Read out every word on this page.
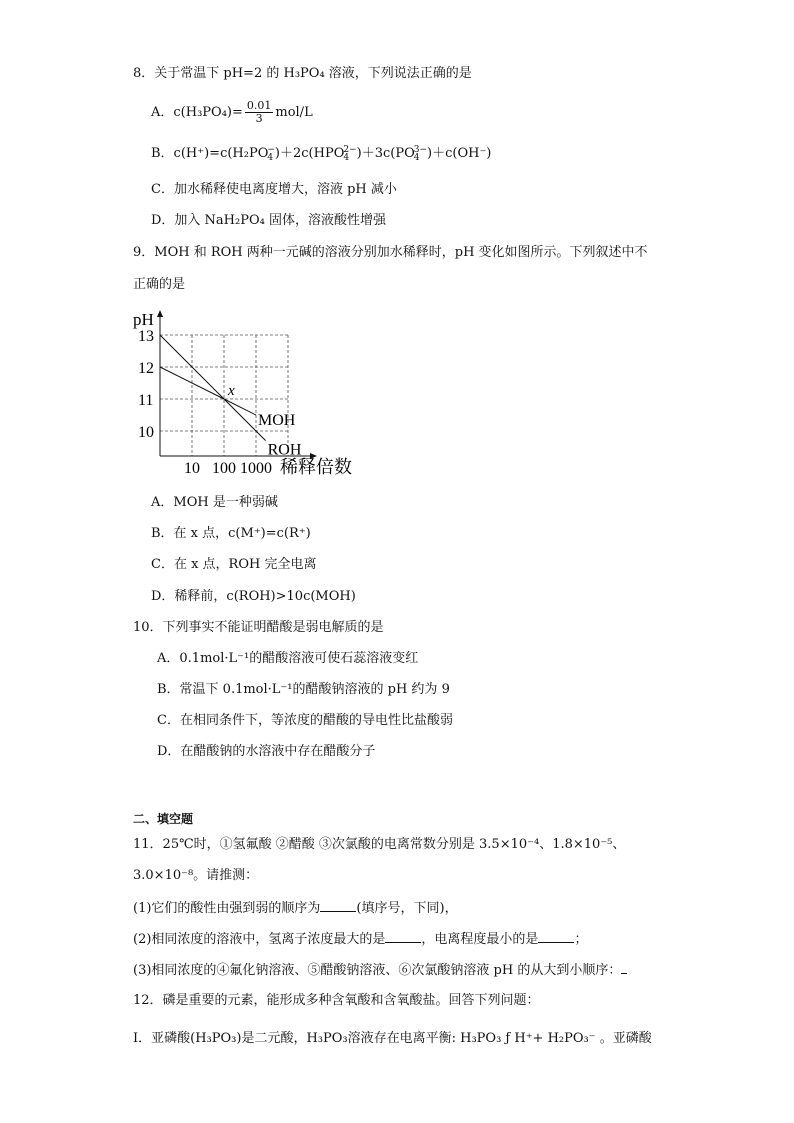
8．关于常温下 pH=2 的 H₃PO₄ 溶液，下列说法正确的是
A．$c(H_3PO_4)= \frac{0.01}{3} mol/L$
B．c(H⁺)=c(H₂PO −
4 )＋2c(HPO 2−
4 )＋3c(PO 3−
4 )＋c(OH⁻)
C．加水稀释使电离度增大，溶液 pH 减小
D．加入 NaH₂PO₄ 固体，溶液酸性增强
9．MOH 和 ROH 两种一元碱的溶液分别加水稀释时，pH 变化如图所示。下列叙述中不
正确的是
pH
13
12
11
10
10 100 1000 稀释倍数
ROH
MOH
x
A．MOH 是一种弱碱
B．在 x 点，c(M⁺)=c(R⁺)
C．在 x 点，ROH 完全电离
D．稀释前，c(ROH)>10c(MOH)
10．下列事实不能证明醋酸是弱电解质的是
A．0.1mol·L⁻¹的醋酸溶液可使石蕊溶液变红
B．常温下 0.1mol·L⁻¹的醋酸钠溶液的 pH 约为 9
C．在相同条件下，等浓度的醋酸的导电性比盐酸弱
D．在醋酸钠的水溶液中存在醋酸分子
二、填空题
11．25℃时，①氢氟酸 ②醋酸 ③次氯酸的电离常数分别是 3.5×10⁻⁴、1.8×10⁻⁵、
3.0×10⁻⁸。请推测：
(1)它们的酸性由强到弱的顺序为	(填序号，下同)，
(2)相同浓度的溶液中，氢离子浓度最大的是	，电离程度最小的是	；
(3)相同浓度的④氟化钠溶液、⑤醋酸钠溶液、⑥次氯酸钠溶液 pH 的从大到小顺序：
12．磷是重要的元素，能形成多种含氧酸和含氧酸盐。回答下列问题：
Ⅰ．亚磷酸(H₃PO₃)是二元酸，H₃PO₃溶液存在电离平衡: H₃PO₃ ƒ H⁺+ H₂PO₃⁻ 。亚磷酸
